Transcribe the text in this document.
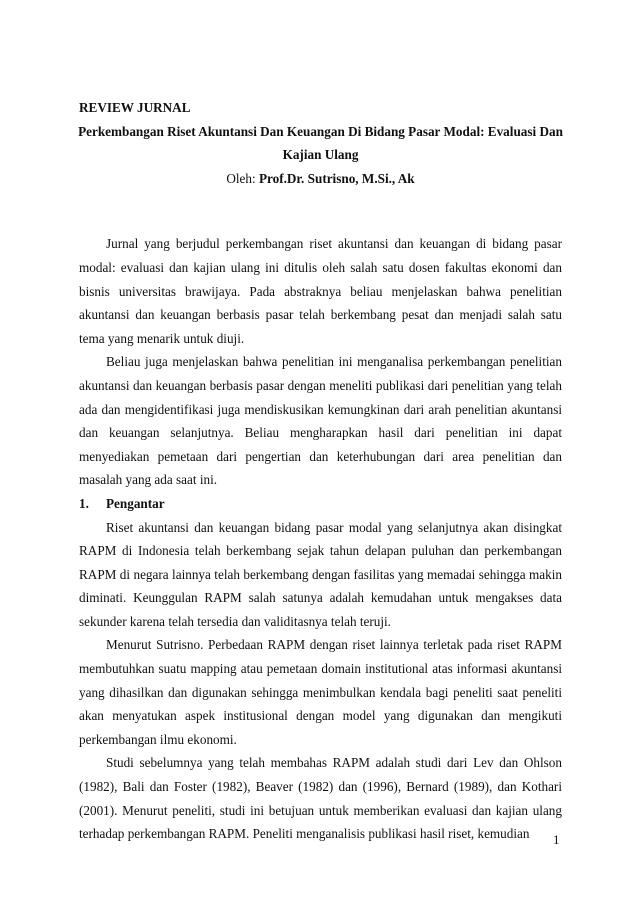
REVIEW JURNAL

Perkembangan Riset Akuntansi Dan Keuangan Di Bidang Pasar Modal: Evaluasi Dan

Kajian Ulang

Oleh: Prof.Dr. Sutrisno, M.Si., Ak

Jurnal yang berjudul perkembangan riset akuntansi dan keuangan di bidang pasar modal: evaluasi dan kajian ulang ini ditulis oleh salah satu dosen fakultas ekonomi dan bisnis universitas brawijaya. Pada abstraknya beliau menjelaskan bahwa penelitian akuntansi dan keuangan berbasis pasar telah berkembang pesat dan menjadi salah satu tema yang menarik untuk diuji.

Beliau juga menjelaskan bahwa penelitian ini menganalisa perkembangan penelitian akuntansi dan keuangan berbasis pasar dengan meneliti publikasi dari penelitian yang telah ada dan mengidentifikasi juga mendiskusikan kemungkinan dari arah penelitian akuntansi dan keuangan selanjutnya. Beliau mengharapkan hasil dari penelitian ini dapat menyediakan pemetaan dari pengertian dan keterhubungan dari area penelitian dan masalah yang ada saat ini.

1. Pengantar

Riset akuntansi dan keuangan bidang pasar modal yang selanjutnya akan disingkat RAPM di Indonesia telah berkembang sejak tahun delapan puluhan dan perkembangan RAPM di negara lainnya telah berkembang dengan fasilitas yang memadai sehingga makin diminati. Keunggulan RAPM salah satunya adalah kemudahan untuk mengakses data sekunder karena telah tersedia dan validitasnya telah teruji.

Menurut Sutrisno. Perbedaan RAPM dengan riset lainnya terletak pada riset RAPM membutuhkan suatu mapping atau pemetaan domain institutional atas informasi akuntansi yang dihasilkan dan digunakan sehingga menimbulkan kendala bagi peneliti saat peneliti akan menyatukan aspek institusional dengan model yang digunakan dan mengikuti perkembangan ilmu ekonomi.

Studi sebelumnya yang telah membahas RAPM adalah studi dari Lev dan Ohlson (1982), Bali dan Foster (1982), Beaver (1982) dan (1996), Bernard (1989), dan Kothari (2001). Menurut peneliti, studi ini betujuan untuk memberikan evaluasi dan kajian ulang terhadap perkembangan RAPM. Peneliti menganalisis publikasi hasil riset, kemudian	1
